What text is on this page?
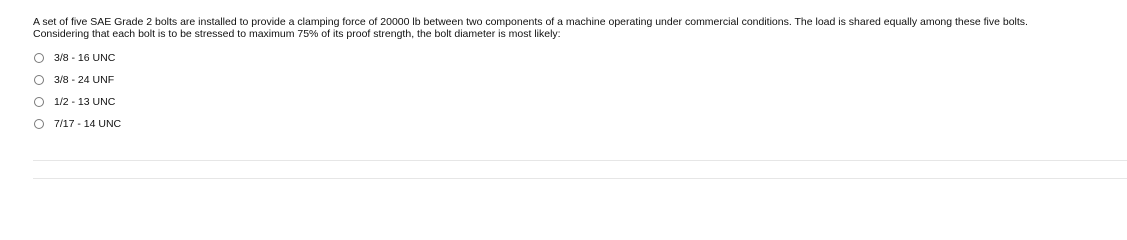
A set of five SAE Grade 2 bolts are installed to provide a clamping force of 20000 lb between two components of a machine operating under commercial conditions. The load is shared equally among these five bolts.

Considering that each bolt is to be stressed to maximum 75% of its proof strength, the bolt diameter is most likely:

3/8 - 16 UNC
3/8 - 24 UNF
1/2 - 13 UNC
7/17 - 14 UNC
